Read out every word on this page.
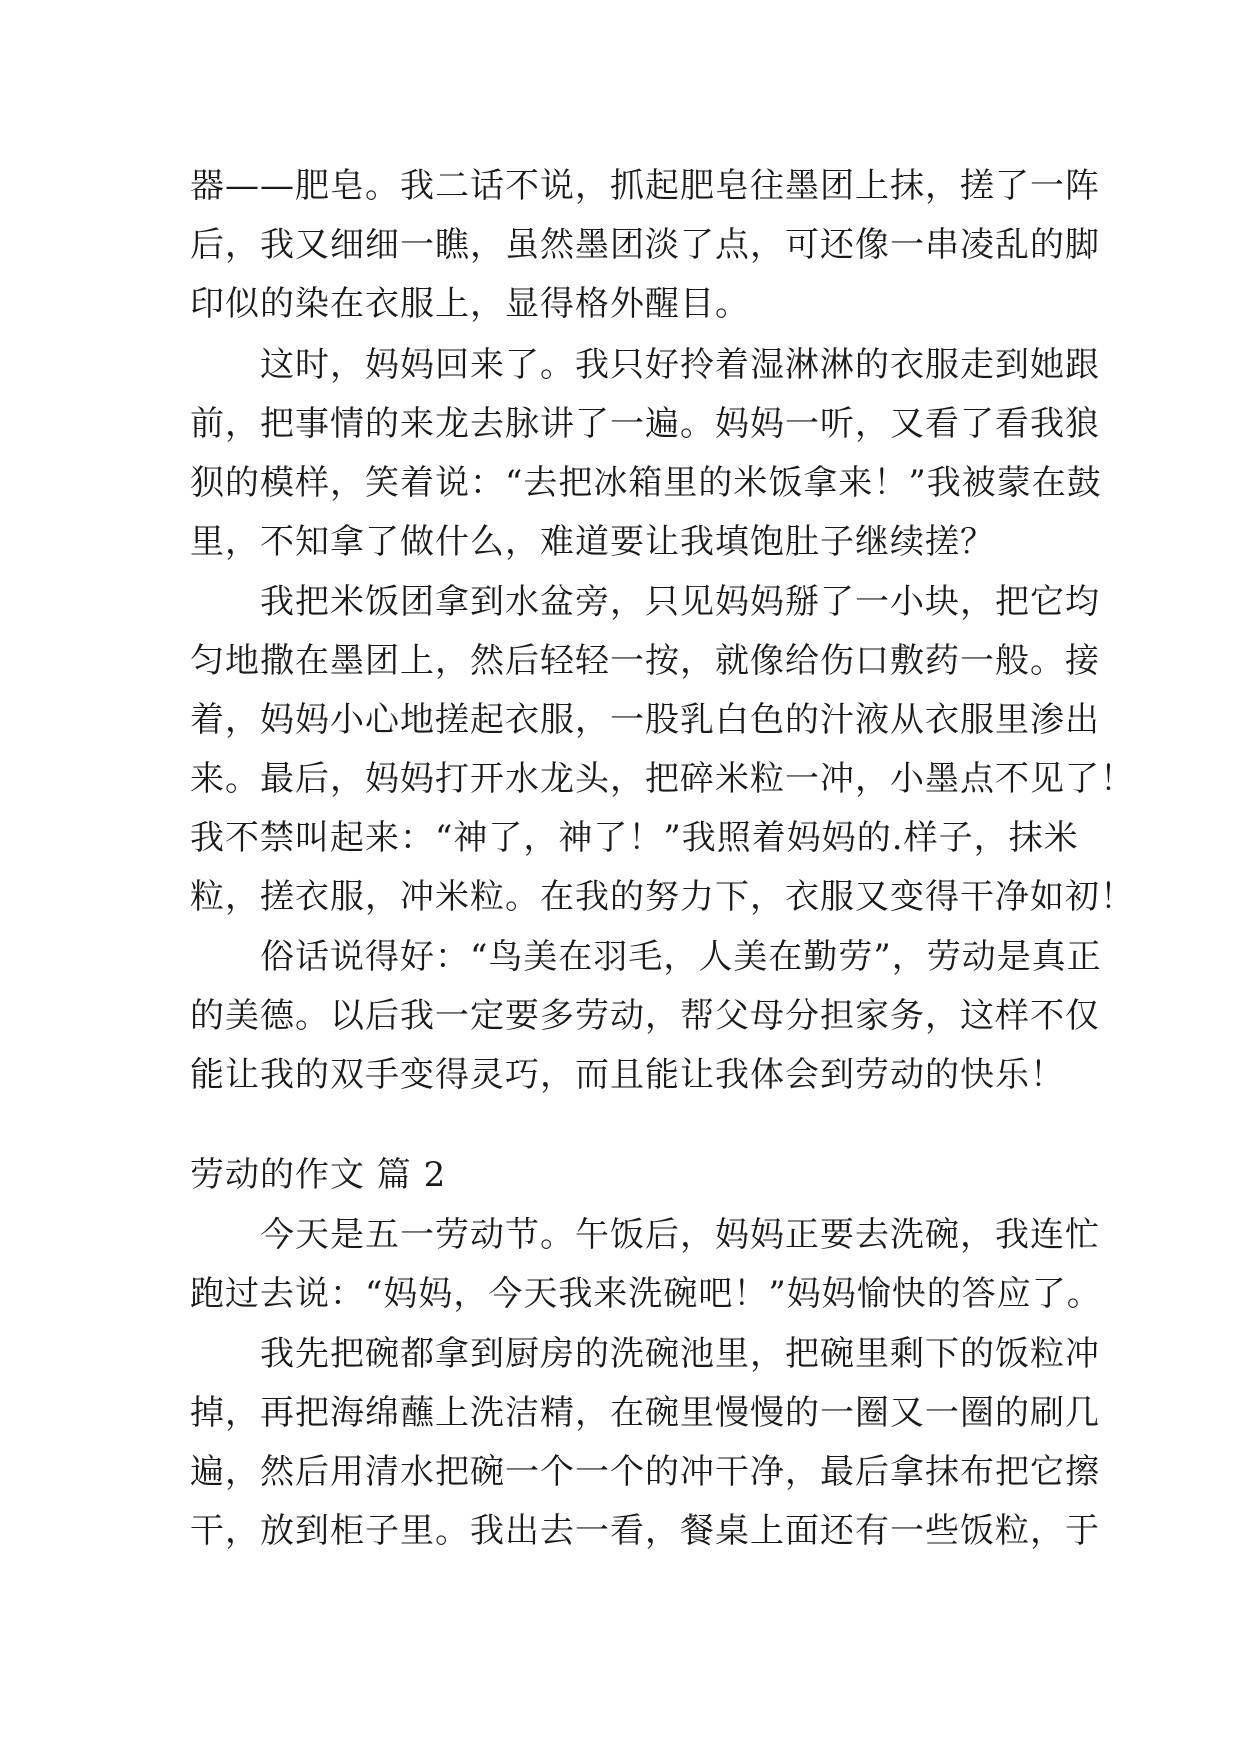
器——肥皂。我二话不说，抓起肥皂往墨团上抹，搓了一阵
后，我又细细一瞧，虽然墨团淡了点，可还像一串凌乱的脚
印似的染在衣服上，显得格外醒目。
这时，妈妈回来了。我只好拎着湿淋淋的衣服走到她跟
前，把事情的来龙去脉讲了一遍。妈妈一听，又看了看我狼
狈的模样，笑着说：“去把冰箱里的米饭拿来！”我被蒙在鼓
里，不知拿了做什么，难道要让我填饱肚子继续搓？
我把米饭团拿到水盆旁，只见妈妈掰了一小块，把它均
匀地撒在墨团上，然后轻轻一按，就像给伤口敷药一般。接
着，妈妈小心地搓起衣服，一股乳白色的汁液从衣服里渗出
来。最后，妈妈打开水龙头，把碎米粒一冲，小墨点不见了！
我不禁叫起来：“神了，神了！”我照着妈妈的.样子，抹米
粒，搓衣服，冲米粒。在我的努力下，衣服又变得干净如初！
俗话说得好：“鸟美在羽毛，人美在勤劳”，劳动是真正
的美德。以后我一定要多劳动，帮父母分担家务，这样不仅
能让我的双手变得灵巧，而且能让我体会到劳动的快乐！
劳动的作文 篇 2
今天是五一劳动节。午饭后，妈妈正要去洗碗，我连忙
跑过去说：“妈妈，今天我来洗碗吧！”妈妈愉快的答应了。
我先把碗都拿到厨房的洗碗池里，把碗里剩下的饭粒冲
掉，再把海绵蘸上洗洁精，在碗里慢慢的一圈又一圈的刷几
遍，然后用清水把碗一个一个的冲干净，最后拿抹布把它擦
干，放到柜子里。我出去一看，餐桌上面还有一些饭粒，于
